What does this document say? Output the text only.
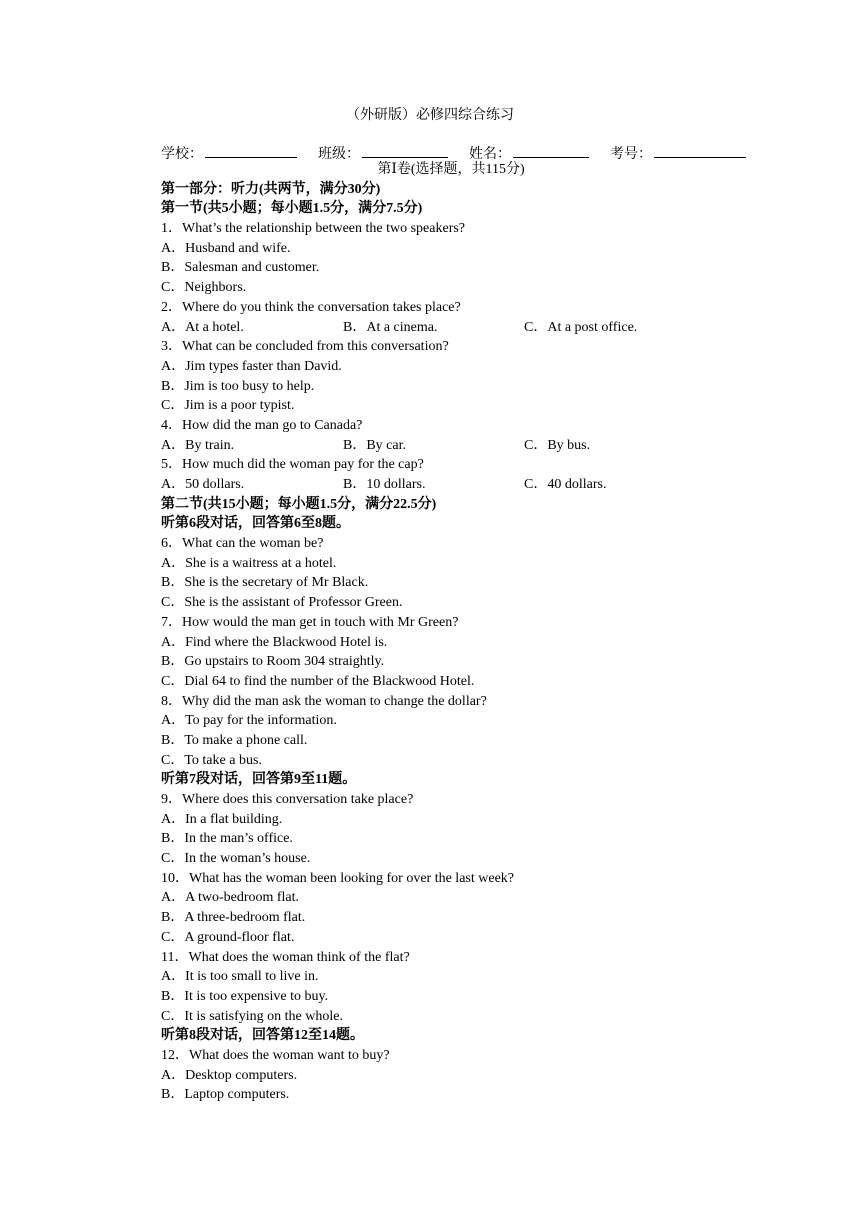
（外研版）必修四综合练习
学校：	班级：	姓名：	考号：
第Ⅰ卷(选择题，共115分)
第一部分：听力(共两节，满分30分)
第一节(共5小题；每小题1.5分，满分7.5分)
1．What’s the relationship between the two speakers?
A．Husband and wife.
B．Salesman and customer.
C．Neighbors.
2．Where do you think the conversation takes place?
A．At a hotel.	B．At a cinema.	C．At a post office.
3．What can be concluded from this conversation?
A．Jim types faster than David.
B．Jim is too busy to help.
C．Jim is a poor typist.
4．How did the man go to Canada?
A．By train.	B．By car.	C．By bus.
5．How much did the woman pay for the cap?
A．50 dollars.	B．10 dollars.	C．40 dollars.
第二节(共15小题；每小题1.5分，满分22.5分)
听第6段对话，回答第6至8题。
6．What can the woman be?
A．She is a waitress at a hotel.
B．She is the secretary of Mr Black.
C．She is the assistant of Professor Green.
7．How would the man get in touch with Mr Green?
A．Find where the Blackwood Hotel is.
B．Go upstairs to Room 304 straightly.
C．Dial 64 to find the number of the Blackwood Hotel.
8．Why did the man ask the woman to change the dollar?
A．To pay for the information.
B．To make a phone call.
C．To take a bus.
听第7段对话，回答第9至11题。
9．Where does this conversation take place?
A．In a flat building.
B．In the man’s office.
C．In the woman’s house.
10．What has the woman been looking for over the last week?
A．A two-bedroom flat.
B．A three-bedroom flat.
C．A ground-floor flat.
11．What does the woman think of the flat?
A．It is too small to live in.
B．It is too expensive to buy.
C．It is satisfying on the whole.
听第8段对话，回答第12至14题。
12．What does the woman want to buy?
A．Desktop computers.
B．Laptop computers.
